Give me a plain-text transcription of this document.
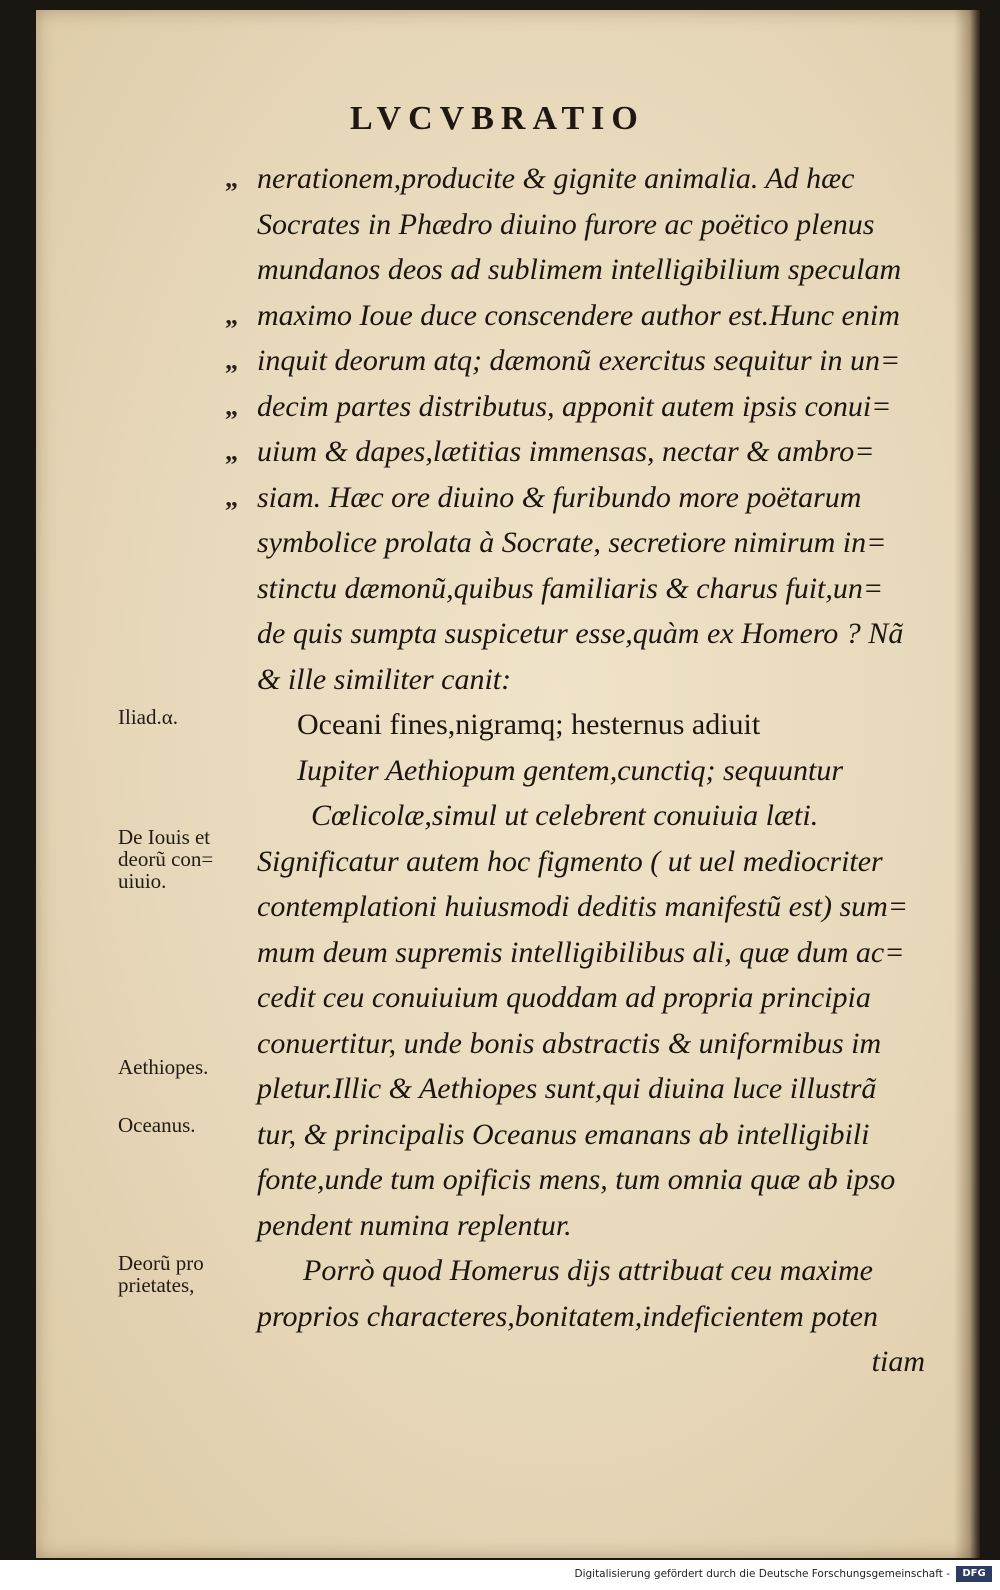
LVCVBRATIO
„ nerationem,producite & gignite animalia. Ad hæc
Socrates in Phædro diuino furore ac poëtico plenus
mundanos deos ad sublimem intelligibilium speculam
„ maximo Ioue duce conscendere author est.Hunc enim
„ inquit deorum atq; dæmonũ exercitus sequitur in un=
„ decim partes distributus, apponit autem ipsis conui=
„ uium & dapes,lætitias immensas, nectar & ambro=
„ siam. Hæc ore diuino & furibundo more poëtarum
symbolice prolata à Socrate, secretiore nimirum in=
stinctu dæmonũ,quibus familiaris & charus fuit,un=
de quis sumpta suspicetur esse,quàm ex Homero ? Nã
& ille similiter canit:
Oceani fines,nigramq; hesternus adiuit
Iupiter Aethiopum gentem,cunctiq; sequuntur
Cœlicolæ,simul ut celebrent conuiuia læti.
Significatur autem hoc figmento ( ut uel mediocriter
contemplationi huiusmodi deditis manifestũ est) sum=
mum deum supremis intelligibilibus ali, quæ dum ac=
cedit ceu conuiuium quoddam ad propria principia
conuertitur, unde bonis abstractis & uniformibus im
pletur.Illic & Aethiopes sunt,qui diuina luce illustrã
tur, & principalis Oceanus emanans ab intelligibili
fonte,unde tum opificis mens, tum omnia quæ ab ipso
pendent numina replentur.
Porrò quod Homerus dijs attribuat ceu maxime
proprios characteres,bonitatem,indeficientem poten
tiam
Iliad.α.
De Iouis et
deorũ con=
uiuio.
Aethiopes.
Oceanus.
Deorũ pro
prietates,
Digitalisierung gefördert durch die Deutsche Forschungsgemeinschaft -	DFG
